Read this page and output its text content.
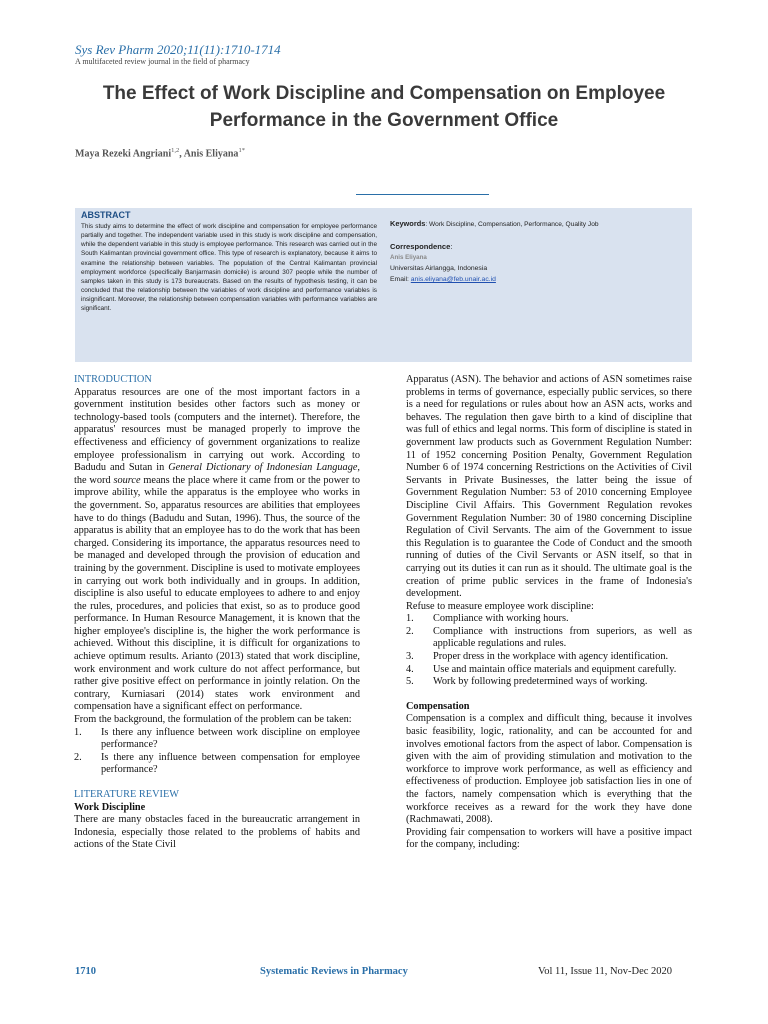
Sys Rev Pharm 2020;11(11):1710-1714
A multifaceted review journal in the field of pharmacy
The Effect of Work Discipline and Compensation on Employee Performance in the Government Office
Maya Rezeki Angriani$^{1,2}$, Anis Eliyana$^{1*}$
ABSTRACT
This study aims to determine the effect of work discipline and compensation for employee performance partially and together. The independent variable used in this study is work discipline and compensation, while the dependent variable in this study is employee performance. This research was carried out in the South Kalimantan provincial government office. This type of research is explanatory, because it aims to examine the relationship between variables. The population of the Central Kalimantan provincial employment workforce (specifically Banjarmasin domicile) is around 307 people while the number of samples taken in this study is 173 bureaucrats. Based on the results of hypothesis testing, it can be concluded that the relationship between the variables of work discipline and performance variables is insignificant. Moreover, the relationship between compensation variables with performance variables are significant.
Keywords: Work Discipline, Compensation, Performance, Quality Job
Correspondence:
Anis Eliyana
Universitas Airlangga, Indonesia
Email: anis.eliyana@feb.unair.ac.id

INTRODUCTION

Apparatus resources are one of the most important factors in a government institution besides other factors such as money or technology-based tools (computers and the internet). Therefore, the apparatus' resources must be managed properly to improve the effectiveness and efficiency of government organizations to realize employee professionalism in carrying out work. According to Badudu and Sutan in General Dictionary of Indonesian Language, the word source means the place where it came from or the power to improve ability, while the apparatus is the employee who works in the government. So, apparatus resources are abilities that employees have to do things (Badudu and Sutan, 1996). Thus, the source of the apparatus is ability that an employee has to do the work that has been charged. Considering its importance, the apparatus resources need to be managed and developed through the provision of education and training by the government. Discipline is used to motivate employees in carrying out work both individually and in groups. In addition, discipline is also useful to educate employees to adhere to and enjoy the rules, procedures, and policies that exist, so as to produce good performance. In Human Resource Management, it is known that the higher employee's discipline is, the higher the work performance is achieved. Without this discipline, it is difficult for organizations to achieve optimum results. Arianto (2013) stated that work discipline, work environment and work culture do not affect performance, but rather give positive effect on performance in jointly relation. On the contrary, Kurniasari (2014) states work environment and compensation have a significant effect on performance.

From the background, the formulation of the problem can be taken:

1.	Is there any influence between work discipline on employee performance?
2.	Is there any influence between compensation for employee performance?

LITERATURE REVIEW

Work Discipline

There are many obstacles faced in the bureaucratic arrangement in Indonesia, especially those related to the problems of habits and actions of the State Civil

Apparatus (ASN). The behavior and actions of ASN sometimes raise problems in terms of governance, especially public services, so there is a need for regulations or rules about how an ASN acts, works and behaves. The regulation then gave birth to a kind of discipline that was full of ethics and legal norms. This form of discipline is stated in government law products such as Government Regulation Number: 11 of 1952 concerning Position Penalty, Government Regulation Number 6 of 1974 concerning Restrictions on the Activities of Civil Servants in Private Businesses, the latter being the issue of Government Regulation Number: 53 of 2010 concerning Employee Discipline Civil Affairs. This Government Regulation revokes Government Regulation Number: 30 of 1980 concerning Discipline Regulation of Civil Servants. The aim of the Government to issue this Regulation is to guarantee the Code of Conduct and the smooth running of duties of the Civil Servants or ASN itself, so that in carrying out its duties it can run as it should. The ultimate goal is the creation of prime public services in the frame of Indonesia's development.

Refuse to measure employee work discipline:

1.	Compliance with working hours.
2.	Compliance with instructions from superiors, as well as applicable regulations and rules.
3.	Proper dress in the workplace with agency identification.
4.	Use and maintain office materials and equipment carefully.
5.	Work by following predetermined ways of working.

Compensation

Compensation is a complex and difficult thing, because it involves basic feasibility, logic, rationality, and can be accounted for and involves emotional factors from the aspect of labor. Compensation is given with the aim of providing stimulation and motivation to the workforce to improve work performance, as well as efficiency and effectiveness of production. Employee job satisfaction lies in one of the factors, namely compensation which is everything that the workforce receives as a reward for the work they have done (Rachmawati, 2008).

Providing fair compensation to workers will have a positive impact for the company, including:

1710	Systematic Reviews in Pharmacy	Vol 11, Issue 11, Nov-Dec 2020
